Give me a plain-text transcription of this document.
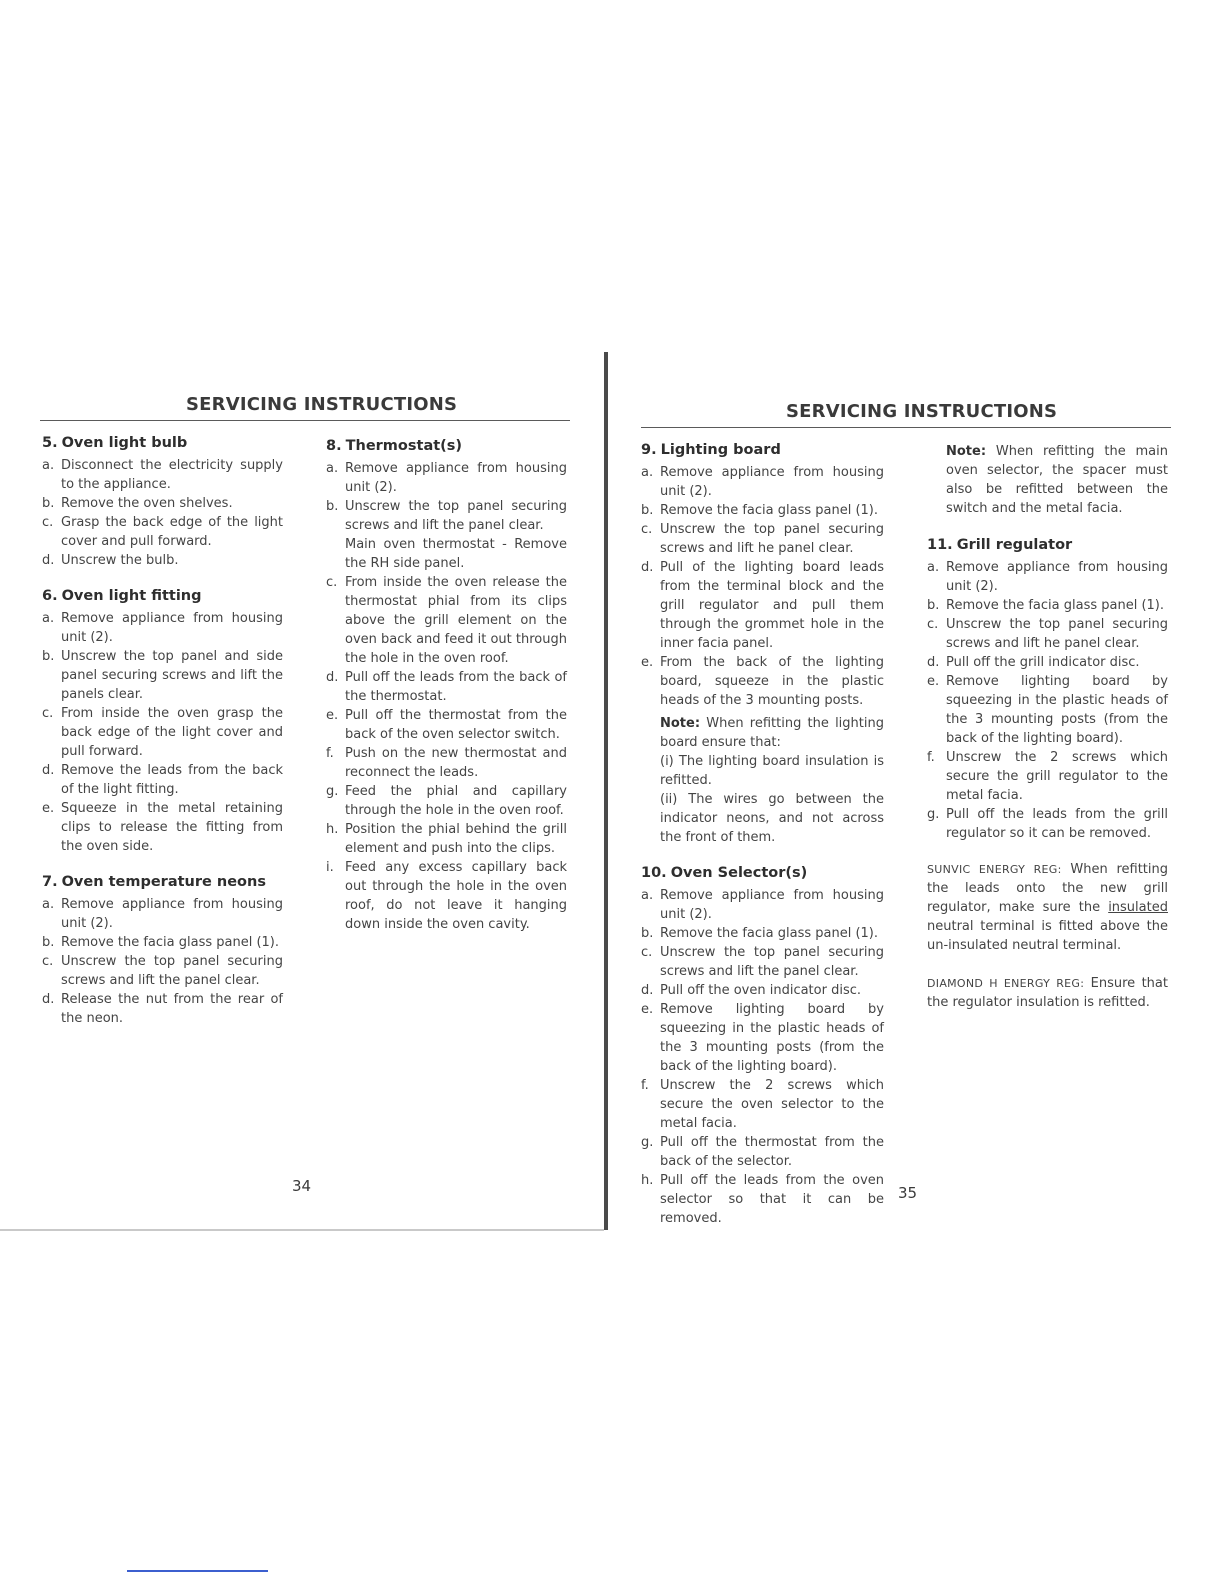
SERVICING INSTRUCTIONS
5. Oven light bulb
a. Disconnect the electricity supply to the appliance.
b. Remove the oven shelves.
c. Grasp the back edge of the light cover and pull forward.
d. Unscrew the bulb.
6. Oven light fitting
a. Remove appliance from housing unit (2).
b. Unscrew the top panel and side panel securing screws and lift the panels clear.
c. From inside the oven grasp the back edge of the light cover and pull forward.
d. Remove the leads from the back of the light fitting.
e. Squeeze in the metal retaining clips to release the fitting from the oven side.
7. Oven temperature neons
a. Remove appliance from housing unit (2).
b. Remove the facia glass panel (1).
c. Unscrew the top panel securing screws and lift the panel clear.
d. Release the nut from the rear of the neon.
8. Thermostat(s)
a. Remove appliance from housing unit (2).
b. Unscrew the top panel securing screws and lift the panel clear.
Main oven thermostat - Remove the RH side panel.
c. From inside the oven release the thermostat phial from its clips above the grill element on the oven back and feed it out through the hole in the oven roof.
d. Pull off the leads from the back of the thermostat.
e. Pull off the thermostat from the back of the oven selector switch.
f. Push on the new thermostat and reconnect the leads.
g. Feed the phial and capillary through the hole in the oven roof.
h. Position the phial behind the grill element and push into the clips.
i. Feed any excess capillary back out through the hole in the oven roof, do not leave it hanging down inside the oven cavity.
34
SERVICING INSTRUCTIONS
9. Lighting board
a. Remove appliance from housing unit (2).
b. Remove the facia glass panel (1).
c. Unscrew the top panel securing screws and lift he panel clear.
d. Pull of the lighting board leads from the terminal block and the grill regulator and pull them through the grommet hole in the inner facia panel.
e. From the back of the lighting board, squeeze in the plastic heads of the 3 mounting posts.
Note: When refitting the lighting board ensure that:
(i) The lighting board insulation is refitted.
(ii) The wires go between the indicator neons, and not across the front of them.
10. Oven Selector(s)
a. Remove appliance from housing unit (2).
b. Remove the facia glass panel (1).
c. Unscrew the top panel securing screws and lift the panel clear.
d. Pull off the oven indicator disc.
e. Remove lighting board by squeezing in the plastic heads of the 3 mounting posts (from the back of the lighting board).
f. Unscrew the 2 screws which secure the oven selector to the metal facia.
g. Pull off the thermostat from the back of the selector.
h. Pull off the leads from the oven selector so that it can be removed.
Note: When refitting the main oven selector, the spacer must also be refitted between the switch and the metal facia.
11. Grill regulator
a. Remove appliance from housing unit (2).
b. Remove the facia glass panel (1).
c. Unscrew the top panel securing screws and lift he panel clear.
d. Pull off the grill indicator disc.
e. Remove lighting board by squeezing in the plastic heads of the 3 mounting posts (from the back of the lighting board).
f. Unscrew the 2 screws which secure the grill regulator to the metal facia.
g. Pull off the leads from the grill regulator so it can be removed.
SUNVIC ENERGY REG: When refitting the leads onto the new grill regulator, make sure the insulated neutral terminal is fitted above the un-insulated neutral terminal.
DIAMOND H ENERGY REG: Ensure that the regulator insulation is refitted.
35
